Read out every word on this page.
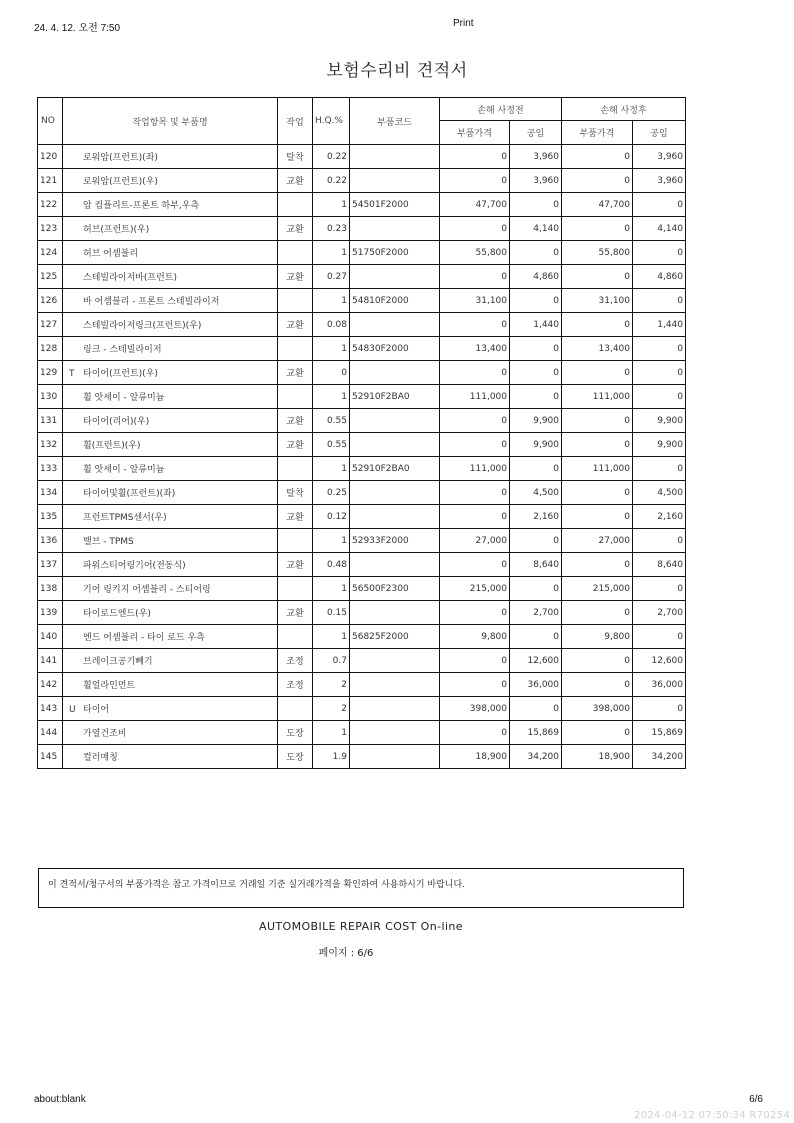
24. 4. 12. 오전 7:50	Print
보험수리비 견적서
NO	작업항목 및 부품명	작업	H.Q.%	부품코드	손해 사정전		손해 사정후	
					부품가격	공임	부품가격	공임
120	로워암(프런트)(좌)	탈착	0.22		0	3,960	0	3,960
121	로워암(프런트)(우)	교환	0.22		0	3,960	0	3,960
122	암 컴플리트-프론트 하부,우측		1	54501F2000	47,700	0	47,700	0
123	허브(프런트)(우)	교환	0.23		0	4,140	0	4,140
124	허브 어셈블리		1	51750F2000	55,800	0	55,800	0
125	스테빌라이저바(프런트)	교환	0.27		0	4,860	0	4,860
126	바 어셈블리 - 프론트 스테빌라이저		1	54810F2000	31,100	0	31,100	0
127	스테빌라이저링크(프런트)(우)	교환	0.08		0	1,440	0	1,440
128	링크 - 스테빌라이저		1	54830F2000	13,400	0	13,400	0
129	T 타이어(프런트)(우)	교환	0		0	0	0	0
130	휠 앗세이 - 알류미늄		1	52910F2BA0	111,000	0	111,000	0
131	타이어(리어)(우)	교환	0.55		0	9,900	0	9,900
132	휠(프런트)(우)	교환	0.55		0	9,900	0	9,900
133	휠 앗세이 - 알류미늄		1	52910F2BA0	111,000	0	111,000	0
134	타이어및휠(프런트)(좌)	탈착	0.25		0	4,500	0	4,500
135	프런트TPMS센서(우)	교환	0.12		0	2,160	0	2,160
136	밸브 - TPMS		1	52933F2000	27,000	0	27,000	0
137	파워스티어링기어(전동식)	교환	0.48		0	8,640	0	8,640
138	기어 링키지 어셈블리 - 스티어링		1	56500F2300	215,000	0	215,000	0
139	타이로드엔드(우)	교환	0.15		0	2,700	0	2,700
140	엔드 어셈블리 - 타이 로드 우측		1	56825F2000	9,800	0	9,800	0
141	브레이크공기빼기	조정	0.7		0	12,600	0	12,600
142	휠얼라인먼트	조정	2		0	36,000	0	36,000
143	U 타이어		2		398,000	0	398,000	0
144	가열건조비	도장	1		0	15,869	0	15,869
145	컬러매칭	도장	1.9		18,900	34,200	18,900	34,200
이 견적서/청구서의 부품가격은 참고 가격이므로 거래일 기준 실거래가격을 확인하여 사용하시기 바랍니다.
AUTOMOBILE REPAIR COST On-line
페이지 : 6/6
about:blank	6/6
2024-04-12 07:50:34 R70254
